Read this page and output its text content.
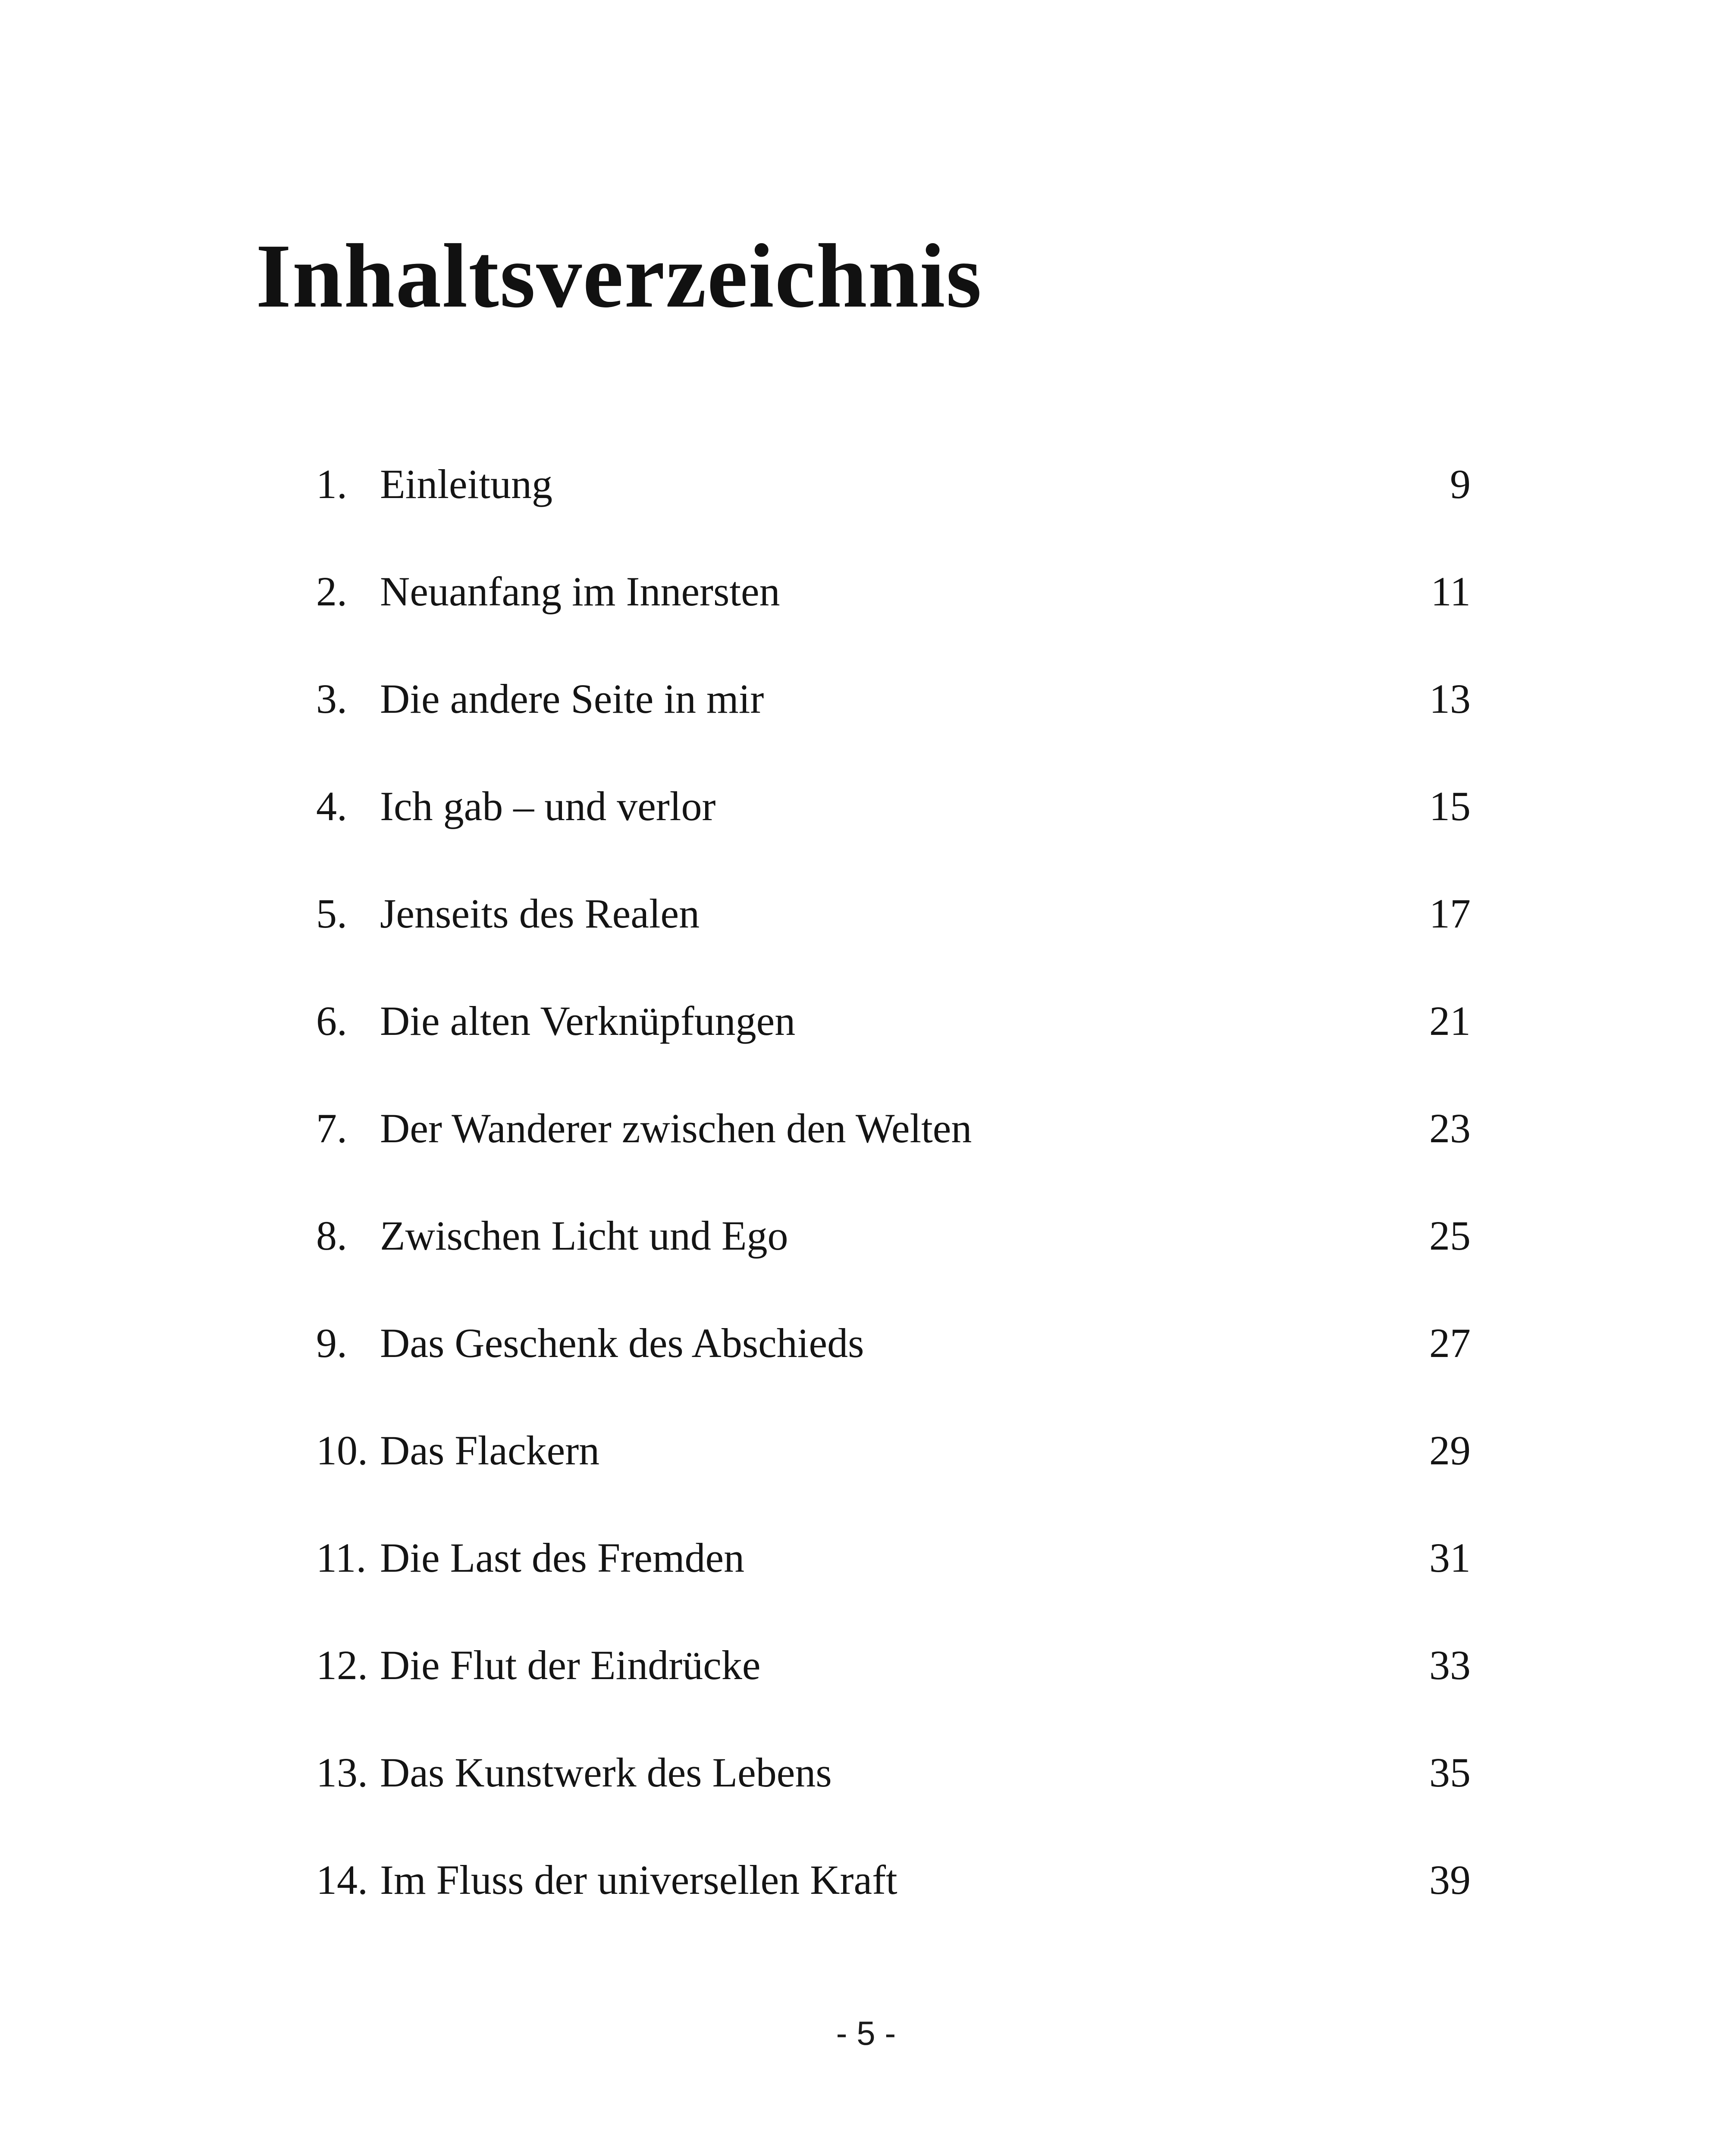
Inhaltsverzeichnis
1. Einleitung	9
2. Neuanfang im Innersten	11
3. Die andere Seite in mir	13
4. Ich gab – und verlor	15
5. Jenseits des Realen	17
6. Die alten Verknüpfungen	21
7. Der Wanderer zwischen den Welten	23
8. Zwischen Licht und Ego	25
9. Das Geschenk des Abschieds	27
10. Das Flackern	29
11. Die Last des Fremden	31
12. Die Flut der Eindrücke	33
13. Das Kunstwerk des Lebens	35
14. Im Fluss der universellen Kraft	39
- 5 -
